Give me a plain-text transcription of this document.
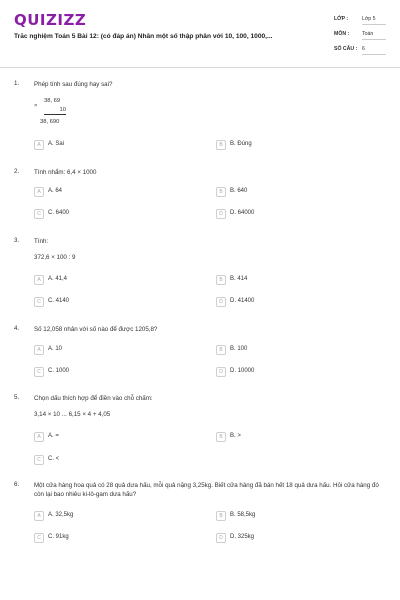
QUIZIZZ
Trắc nghiệm Toán 5 Bài 12: (có đáp án) Nhân một số thập phân với 10, 100, 1000,...
LỚP :	Lớp 5
MÔN : Toán
SỐ CÂU : 6
1. Phép tính sau đúng hay sai?
×
38, 69
10
38, 690
A	A. Sai	B	B. Đúng
2. Tính nhẩm: 6,4 × 1000
A	A. 64	B	B. 640
C	C. 6400	D	D. 64000
3. Tính:
372,6 × 100 : 9
A	A. 41,4	B	B. 414
C	C. 4140	D	D. 41400
4. Số 12,058 nhân với số nào để được 1205,8?
A	A. 10	B	B. 100
C	C. 1000	D	D. 10000
5. Chọn dấu thích hợp để điền vào chỗ chấm:
3,14 × 10 ... 6,15 × 4 + 4,05
A	A. =	B	B. >
C	C. <
6. Một cửa hàng hoa quả có 28 quả dưa hấu, mỗi quả nặng 3,25kg. Biết cửa hàng đã bán hết 18 quả dưa hấu. Hỏi cửa hàng đó còn lại bao nhiêu ki-lô-gam dưa hấu?
A	A. 32,5kg	B	B. 58,5kg
C	C. 91kg	D	D. 325kg
